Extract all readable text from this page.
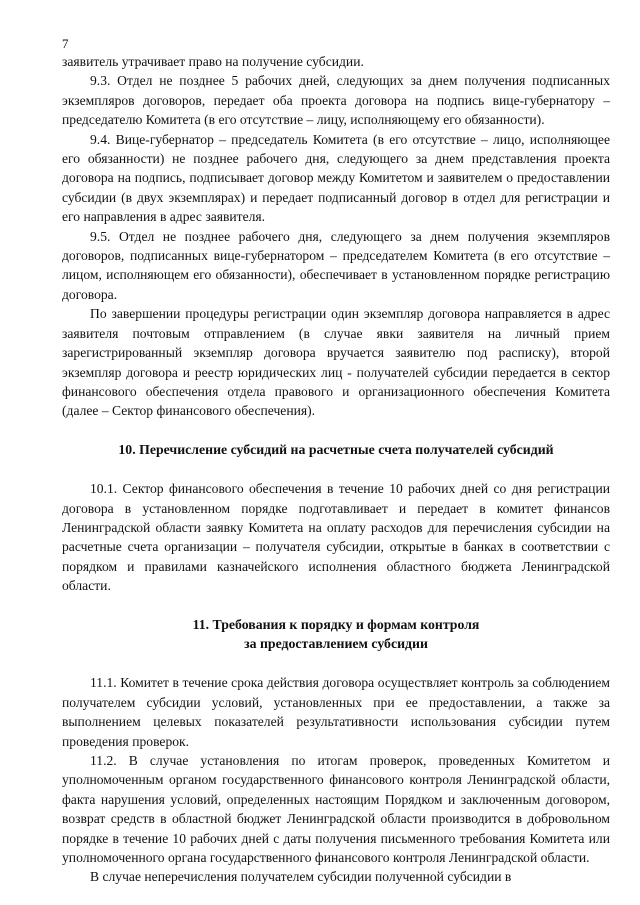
7

заявитель утрачивает право на получение субсидии.

9.3. Отдел не позднее 5 рабочих дней, следующих за днем получения подписанных экземпляров договоров, передает оба проекта договора на подпись вице-губернатору – председателю Комитета (в его отсутствие – лицу, исполняющему его обязанности).

9.4. Вице-губернатор – председатель Комитета (в его отсутствие – лицо, исполняющее его обязанности) не позднее рабочего дня, следующего за днем представления проекта договора на подпись, подписывает договор между Комитетом и заявителем о предоставлении субсидии (в двух экземплярах) и передает подписанный договор в отдел для регистрации и его направления в адрес заявителя.

9.5. Отдел не позднее рабочего дня, следующего за днем получения экземпляров договоров, подписанных вице-губернатором – председателем Комитета (в его отсутствие – лицом, исполняющем его обязанности), обеспечивает в установленном порядке регистрацию договора.

По завершении процедуры регистрации один экземпляр договора направляется в адрес заявителя почтовым отправлением (в случае явки заявителя на личный прием зарегистрированный экземпляр договора вручается заявителю под расписку), второй экземпляр договора и реестр юридических лиц - получателей субсидии передается в сектор финансового обеспечения отдела правового и организационного обеспечения Комитета (далее – Сектор финансового обеспечения).

10. Перечисление субсидий на расчетные счета получателей субсидий

10.1. Сектор финансового обеспечения в течение 10 рабочих дней со дня регистрации договора в установленном порядке подготавливает и передает в комитет финансов Ленинградской области заявку Комитета на оплату расходов для перечисления субсидии на расчетные счета организации – получателя субсидии, открытые в банках в соответствии с порядком и правилами казначейского исполнения областного бюджета Ленинградской области.

11. Требования к порядку и формам контроля
за предоставлением субсидии

11.1. Комитет в течение срока действия договора осуществляет контроль за соблюдением получателем субсидии условий, установленных при ее предоставлении, а также за выполнением целевых показателей результативности использования субсидии путем проведения проверок.

11.2. В случае установления по итогам проверок, проведенных Комитетом и уполномоченным органом государственного финансового контроля Ленинградской области, факта нарушения условий, определенных настоящим Порядком и заключенным договором, возврат средств в областной бюджет Ленинградской области производится в добровольном порядке в течение 10 рабочих дней с даты получения письменного требования Комитета или уполномоченного органа государственного финансового контроля Ленинградской области.

В случае неперечисления получателем субсидии полученной субсидии в
